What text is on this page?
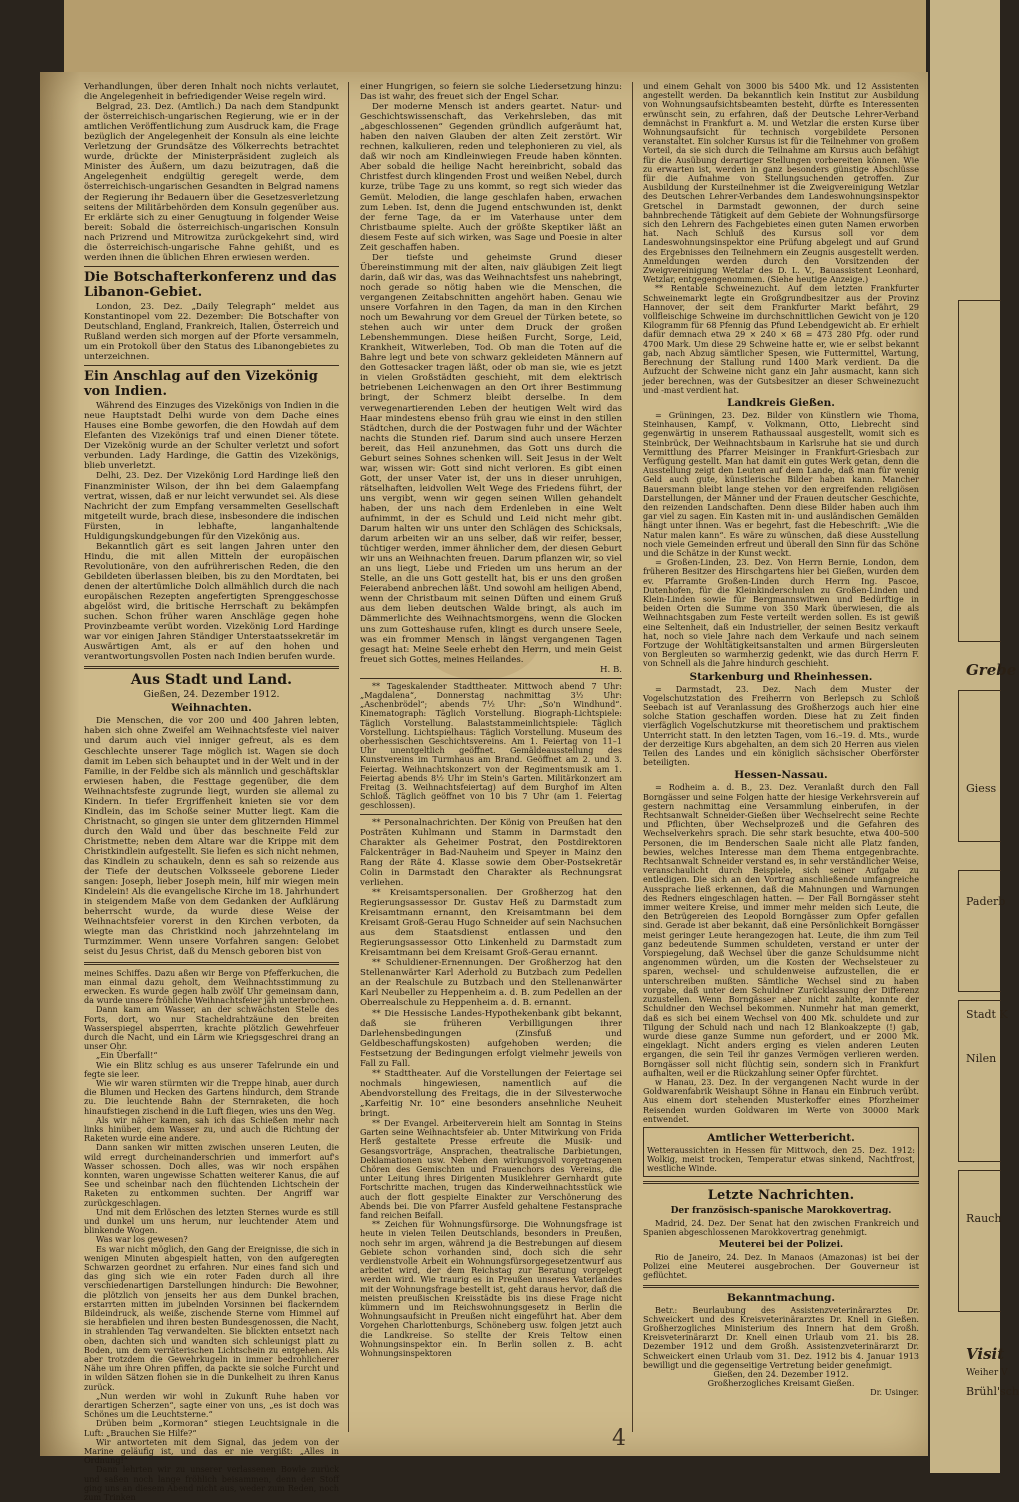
Verhandlungen, über deren Inhalt noch nichts verlautet, die Angelegenheit in befriedigender Weise regeln wird.

Belgrad, 23. Dez. (Amtlich.) Da nach dem Standpunkt der österreichisch-ungarischen Regierung, wie er in der amtlichen Veröffentlichung zum Ausdruck kam, die Frage bezüglich der Angelegenheit der Konsuln als eine leichte Verletzung der Grundsätze des Völkerrechts betrachtet wurde, drückte der Ministerpräsident zugleich als Minister des Äußern, um dazu beizutragen, daß die Angelegenheit endgültig geregelt werde, dem österreichisch-ungarischen Gesandten in Belgrad namens der Regierung ihr Bedauern über die Gesetzesverletzung seitens der Militärbehörden dem Konsuln gegenüber aus. Er erklärte sich zu einer Genugtuung in folgender Weise bereit: Sobald die österreichisch-ungarischen Konsuln nach Prizrend und Mitrowitza zurückgekehrt sind, wird die österreichisch-ungarische Fahne gehißt, und es werden ihnen die üblichen Ehren erwiesen werden.

Die Botschafterkonferenz und das Libanon-Gebiet.

London, 23. Dez. „Daily Telegraph“ meldet aus Konstantinopel vom 22. Dezember: Die Botschafter von Deutschland, England, Frankreich, Italien, Österreich und Rußland werden sich morgen auf der Pforte versammeln, um ein Protokoll über den Status des Libanongebietes zu unterzeichnen.

Ein Anschlag auf den Vizekönig von Indien.

Während des Einzuges des Vizekönigs von Indien in die neue Hauptstadt Delhi wurde von dem Dache eines Hauses eine Bombe geworfen, die den Howdah auf dem Elefanten des Vizekönigs traf und einen Diener tötete. Der Vizekönig wurde an der Schulter verletzt und sofort verbunden. Lady Hardinge, die Gattin des Vizekönigs, blieb unverletzt.

Delhi, 23. Dez. Der Vizekönig Lord Hardinge ließ den Finanzminister Wilson, der ihn bei dem Galaempfang vertrat, wissen, daß er nur leicht verwundet sei. Als diese Nachricht der zum Empfang versammelten Gesellschaft mitgeteilt wurde, brach diese, insbesondere die indischen Fürsten, in lebhafte, langanhaltende Huldigungskundgebungen für den Vizekönig aus.

Bekanntlich gärt es seit langen Jahren unter den Hindu, die mit allen Mitteln der europäischen Revolutionäre, von den aufrührerischen Reden, die den Gebildeten überlassen bleiben, bis zu den Mordtaten, bei denen der altertümliche Dolch allmählich durch die nach europäischen Rezepten angefertigten Sprenggeschosse abgelöst wird, die britische Herrschaft zu bekämpfen suchen. Schon früher waren Anschläge gegen hohe Provinzbeamte verübt worden. Vizekönig Lord Hardinge war vor einigen Jahren Ständiger Unterstaatssekretär im Auswärtigen Amt, als er auf den hohen und verantwortungsvollen Posten nach Indien berufen wurde.

Aus Stadt und Land.
Gießen, 24. Dezember 1912.
Weihnachten.

Die Menschen, die vor 200 und 400 Jahren lebten, haben sich ohne Zweifel am Weihnachtsfeste viel naiver und darum auch viel inniger gefreut, als es dem Geschlechte unserer Tage möglich ist. Wagen sie doch damit im Leben sich behauptet und in der Welt und in der Familie, in der Feldbe sich als männlich und geschäftsklar erwiesen haben, die Festtage gegenüber, die dem Weihnachtsfeste zugrunde liegt, wurden sie allemal zu Kindern. In tiefer Ergriffenheit knieten sie vor dem Kindlein, das im Schoße seiner Mutter liegt. Kam die Christnacht, so gingen sie unter dem glitzernden Himmel durch den Wald und über das beschneite Feld zur Christmette; neben dem Altare war die Krippe mit dem Christkindlein aufgestellt. Sie liefen es sich nicht nehmen, das Kindlein zu schaukeln, denn es sah so reizende aus der Tiefe der deutschen Volksseele geborene Lieder sangen: Joseph, lieber Joseph mein, hilf mir wiegen mein Kindelein! Als die evangelische Kirche im 18. Jahrhundert in steigendem Maße von dem Gedanken der Aufklärung beherrscht wurde, da wurde diese Weise der Weihnachtsfeier vorerst in den Kirchen verboten, da wiegte man das Christkind noch jahrzehntelang im Turmzimmer. Wenn unsere Vorfahren sangen: Gelobet seist du Jesus Christ, daß du Mensch geboren bist von

meines Schiffes. Dazu aßen wir Berge von Pfefferkuchen, die man einmal dazu geholt, dem Weihnachtsstimmung zu erwecken. Es wurde gegen halb zwölf Uhr gemeinsam dann, da wurde unsere fröhliche Weihnachtsfeier jäh unterbrochen.

Dann kam am Wasser, an der schwächsten Stelle des Forts, dort, wo nur Stacheldrahtzäune den breiten Wasserspiegel absperrten, krachte plötzlich Gewehrfeuer durch die Nacht, und ein Lärm wie Kriegsgeschrei drang an unser Ohr.

„Ein Überfall!“

Wie ein Blitz schlug es aus unserer Tafelrunde ein und fegte sie leer.

Wie wir waren stürmten wir die Treppe hinab, auer durch die Blumen und Hecken des Gartens hindurch, dem Strande zu. Die leuchtende Bahn der Sternraketen, die hoch hinaufstiegen zischend in die Luft fliegen, wies uns den Weg.

Als wir näher kamen, sah ich das Schießen mehr nach links hinüber, dem Wasser zu, und auch die Richtung der Raketen wurde eine andere.

Dann sanken wir mitten zwischen unseren Leuten, die wild erregt durcheinanderschrien und immerfort auf's Wasser schossen. Doch alles, was wir noch erspähen konnten, waren ungewisse Schatten weiterer Kanus, die auf See und scheinbar nach den flüchtenden Lichtschein der Raketen zu entkommen suchten. Der Angriff war zurückgeschlagen.

Und mit dem Erlöschen des letzten Sternes wurde es still und dunkel um uns herum, nur leuchtender Atem und blinkende Wogen.

Was war los gewesen?

Es war nicht möglich, den Gang der Ereignisse, die sich in wenigen Minuten abgespielt hatten, von den aufgeregten Schwarzen geordnet zu erfahren. Nur eines fand sich und das ging sich wie ein roter Faden durch all ihre verschiedenartigen Darstellungen hindurch: Die Bewohner, die plötzlich von jenseits her aus dem Dunkel brachen, erstarrten mitten im jubelnden Vorsinnen bei flackerndem Bildeindruck, als weiße, zischende Sterne vom Himmel auf sie herabfielen und ihren besten Bundesgenossen, die Nacht, in strahlenden Tag verwandelten. Sie blickten entsetzt nach oben, dachten sich und wandten sich schleunigst platt zu Boden, um dem verräterischen Lichtschein zu entgehen. Als aber trotzdem die Gewehrkugeln in immer bedrohlicherer Nähe um ihre Ohren pfiffen, da packte sie solche Furcht und in wilden Sätzen flohen sie in die Dunkelheit zu ihren Kanus zurück.

„Nun werden wir wohl in Zukunft Ruhe haben vor derartigen Scherzen“, sagte einer von uns, „es ist doch was Schönes um die Leuchtsterne.“

Drüben beim „Kormoran“ stiegen Leuchtsignale in die Luft: „Brauchen Sie Hilfe?“

Wir antworteten mit dem Signal, das jedem von der Marine geläufig ist, und das er nie vergißt: „Alles in Ordnung!“

Dann lehrten wir zu unserer verlassenen Bowle zurück und saßen noch lange fröhlich beisammen, denn der Stoff ging uns an diesem Abend nicht aus, weder zum Reden, noch zum Trinken

einer Hungrigen, so feiern sie solche Liedersetzung hinzu: Das ist wahr, des freuet sich der Engel Schar.

Der moderne Mensch ist anders geartet. Natur- und Geschichtswissenschaft, das Verkehrsleben, das mit „abgeschlossenen“ Gegenden gründlich aufgeräumt hat, haben den naiven Glauben der alten Zeit zerstört. Wir rechnen, kalkulieren, reden und telephonieren zu viel, als daß wir noch am Kindleinwiegen Freude haben könnten. Aber sobald die heilige Nacht hereinbricht, sobald das Christfest durch klingenden Frost und weißen Nebel, durch kurze, trübe Tage zu uns kommt, so regt sich wieder das Gemüt. Melodien, die lange geschlafen haben, erwachen zum Leben. Ist, denn die Jugend entschwunden ist, denkt der ferne Tage, da er im Vaterhause unter dem Christbaume spielte. Auch der größte Skeptiker läßt an diesem Feste auf sich wirken, was Sage und Poesie in alter Zeit geschaffen haben.

Der tiefste und geheimste Grund dieser Übereinstimmung mit der alten, naiv gläubigen Zeit liegt darin, daß wir das, was das Weihnachtsfest uns nahebringt, noch gerade so nötig haben wie die Menschen, die vergangenen Zeitabschnitten angehört haben. Genau wie unsere Vorfahren in den Tagen, da man in den Kirchen noch um Bewahrung vor dem Greuel der Türken betete, so stehen auch wir unter dem Druck der großen Lebenshemmungen. Diese heißen Furcht, Sorge, Leid, Krankheit, Witwerleben, Tod. Ob man die Toten auf die Bahre legt und bete von schwarz gekleideten Männern auf den Gottesacker tragen läßt, oder ob man sie, wie es jetzt in vielen Großstädten geschieht, mit dem elektrisch betriebenen Leichenwagen an den Ort ihrer Bestimmung bringt, der Schmerz bleibt derselbe. In dem verwegenartierenden Leben der heutigen Welt wird das Haar mindestens ebenso früh grau wie einst in den stillen Städtchen, durch die der Postwagen fuhr und der Wächter nachts die Stunden rief. Darum sind auch unsere Herzen bereit, das Heil anzunehmen, das Gott uns durch die Geburt seines Sohnes schenken will. Seit Jesus in der Welt war, wissen wir: Gott sind nicht verloren. Es gibt einen Gott, der unser Vater ist, der uns in dieser unruhigen, rätselhaften, leidvollen Welt Wege des Friedens führt, der uns vergibt, wenn wir gegen seinen Willen gehandelt haben, der uns nach dem Erdenleben in eine Welt aufnimmt, in der es Schuld und Leid nicht mehr gibt. Darum halten wir uns unter den Schlägen des Schicksals, darum arbeiten wir an uns selber, daß wir reifer, besser, tüchtiger werden, immer ähnlicher dem, der diesen Geburt wir uns an Weihnachten freuen. Darum pflanzen wir, so viel an uns liegt, Liebe und Frieden um uns herum an der Stelle, an die uns Gott gestellt hat, bis er uns den großen Feierabend anbrechen läßt. Und sowohl am heiligen Abend, wenn der Christbaum mit seinen Düften und einem Gruß aus dem lieben deutschen Walde bringt, als auch im Dämmerlichte des Weihnachtsmorgens, wenn die Glocken uns zum Gotteshause rufen, klingt es durch unsere Seele, was ein frommer Mensch in längst vergangenen Tagen gesagt hat: Meine Seele erhebt den Herrn, und mein Geist freuet sich Gottes, meines Heilandes.

H. B.

** Tageskalender Stadttheater. Mittwoch abend 7 Uhr: „Magdalena“, Donnerstag nachmittag 3½ Uhr: „Aschenbrödel“; abends 7½ Uhr: „So'n Windhund“. Kinematograph: Täglich Vorstellung. Biograph-Lichtspiele: Täglich Vorstellung. Balaststammeinlichtspiele: Täglich Vorstellung. Lichtspielhaus: Täglich Vorstellung. Museum des oberhessischen Geschichtsvereins. Am 1. Feiertag von 11–1 Uhr unentgeltlich geöffnet. Gemäldeausstellung des Kunstvereins im Turmhaus am Brand. Geöffnet am 2. und 3. Feiertag. Weihnachtskonzert von der Regimentsmusik am 1. Feiertag abends 8½ Uhr im Stein's Garten. Militärkonzert am Freitag (3. Weihnachtsfeiertag) auf dem Burghof im Alten Schloß. Täglich geöffnet von 10 bis 7 Uhr (am 1. Feiertag geschlossen).

** Personalnachrichten. Der König von Preußen hat den Posträten Kuhlmann und Stamm in Darmstadt den Charakter als Geheimer Postrat, den Postdirektoren Falckenträger in Bad-Nauheim und Speyer in Mainz den Rang der Räte 4. Klasse sowie dem Ober-Postsekretär Colin in Darmstadt den Charakter als Rechnungsrat verliehen.

** Kreisamtspersonalien. Der Großherzog hat den Regierungsassessor Dr. Gustav Heß zu Darmstadt zum Kreisamtmann ernannt, den Kreisamtmann bei dem Kreisamt Groß-Gerau Hugo Schneider auf sein Nachsuchen aus dem Staatsdienst entlassen und den Regierungsassessor Otto Linkenheld zu Darmstadt zum Kreisamtmann bei dem Kreisamt Groß-Gerau ernannt.

** Schuldiener-Ernennungen. Der Großherzog hat den Stellenanwärter Karl Aderhold zu Butzbach zum Pedellen an der Realschule zu Butzbach und den Stellenanwärter Karl Neubeller zu Heppenheim a. d. B. zum Pedellen an der Oberrealschule zu Heppenheim a. d. B. ernannt.

** Die Hessische Landes-Hypothekenbank gibt bekannt, daß sie früheren Verbilligungen ihrer Darlehensbedingungen (Zinsfuß und Geldbeschaffungskosten) aufgehoben werden; die Festsetzung der Bedingungen erfolgt vielmehr jeweils von Fall zu Fall.

** Stadttheater. Auf die Vorstellungen der Feiertage sei nochmals hingewiesen, namentlich auf die Abendvorstellung des Freitags, die in der Silvesterwoche „Karfeitig Nr. 10“ eine besonders ansehnliche Neuheit bringt.

** Der Evangel. Arbeiterverein hielt am Sonntag in Steins Garten seine Weihnachtsfeier ab. Unter Mitwirkung von Frida Herß gestaltete Presse erfreute die Musik- und Gesangsvorträge, Ansprachen, theatralische Darbietungen, Deklamationen usw. Neben den wirkungsvoll vorgetragenen Chören des Gemischten und Frauenchors des Vereins, die unter Leitung ihres Dirigenten Musiklehrer Gernhardt gute Fortschritte machen, trugen das Kinderweihnachtsstück wie auch der flott gespielte Einakter zur Verschönerung des Abends bei. Die von Pfarrer Ausfeld gehaltene Festansprache fand reichen Beifall.

** Zeichen für Wohnungsfürsorge. Die Wohnungsfrage ist heute in vielen Teilen Deutschlands, besonders in Preußen, noch sehr im argen, während ja die Bestrebungen auf diesem Gebiete schon vorhanden sind, doch sich die sehr verdienstvolle Arbeit ein Wohnungsfürsorgegesetzentwurf aus arbeitet wird, der dem Reichstag zur Beratung vorgelegt werden wird. Wie traurig es in Preußen unseres Vaterlandes mit der Wohnungsfrage bestellt ist, geht daraus hervor, daß die meisten preußischen Kreisstädte bis ins diese Frage nicht kümmern und im Reichswohnungsgesetz in Berlin die Wohnungsaufsicht in Preußen nicht eingeführt hat. Aber dem Vorgehen Charlottenburgs, Schöneberg usw. folgen jetzt auch die Landkreise. So stellte der Kreis Teltow einen Wohnungsinspektor ein. In Berlin sollen z. B. acht Wohnungsinspektoren

und einem Gehalt von 3000 bis 5400 Mk. und 12 Assistenten angestellt werden. Da bekanntlich kein Institut zur Ausbildung von Wohnungsaufsichtsbeamten besteht, dürfte es Interessenten erwünscht sein, zu erfahren, daß der Deutsche Lehrer-Verband demnächst in Frankfurt a. M. und Wetzlar die ersten Kurse über Wohnungsaufsicht für technisch vorgebildete Personen veranstaltet. Ein solcher Kursus ist für die Teilnehmer von großem Vorteil, da sie sich durch die Teilnahme am Kursus auch befähigt für die Ausübung derartiger Stellungen vorbereiten können. Wie zu erwarten ist, werden in ganz besonders günstige Abschlüsse für die Aufnahme von Stellungsuchenden getroffen. Zur Ausbildung der Kursteilnehmer ist die Zweigvereinigung Wetzlar des Deutschen Lehrer-Verbandes dem Landeswohnungsinspektor Gretschel in Darmstadt gewonnen, der durch seine bahnbrechende Tätigkeit auf dem Gebiete der Wohnungsfürsorge sich den Lehrern des Fachgebietes einen guten Namen erworben hat. Nach Schluß des Kursus soll vor dem Landeswohnungsinspektor eine Prüfung abgelegt und auf Grund des Ergebnisses den Teilnehmern ein Zeugnis ausgestellt werden. Anmeldungen werden durch den Vorsitzenden der Zweigvereinigung Wetzlar des D. L. V., Bauassistent Leonhard, Wetzlar, entgegengenommen. (Siehe heutige Anzeige.)

** Rentable Schweinezucht. Auf dem letzten Frankfurter Schweinemarkt legte ein Großgrundbesitzer aus der Provinz Hannover, der seit dem Frankfurter Markt befährt, 29 vollfleischige Schweine im durchschnittlichen Gewicht von je 120 Kilogramm für 68 Pfennig das Pfund Lebendgewicht ab. Er erhielt dafür demnach etwa 29 × 240 × 68 = 473 280 Pfg. oder rund 4700 Mark. Um diese 29 Schweine hatte er, wie er selbst bekannt gab, nach Abzug sämtlicher Spesen, wie Futtermittel, Wartung, Berechnung der Stallung rund 1400 Mark verdient. Da die Aufzucht der Schweine nicht ganz ein Jahr ausmacht, kann sich jeder berechnen, was der Gutsbesitzer an dieser Schweinezucht und -mast verdient hat.

Landkreis Gießen.

= Grüningen, 23. Dez. Bilder von Künstlern wie Thoma, Steinhausen, Kampf, v. Volkmann, Otto, Liebrecht sind gegenwärtig in unserem Rathaussaal ausgestellt, womit sich es Steinbrück, Der Weihnachtsbaum in Karlsruhe hat sie und durch Vermittlung des Pfarrer Meisinger in Frankfurt-Griesbach zur Verfügung gestellt. Man hat damit ein gutes Werk getan, denn die Ausstellung zeigt den Leuten auf dem Lande, daß man für wenig Geld auch gute, künstlerische Bilder haben kann. Mancher Bauersmann bleibt lange stehen vor den ergreifenden religiösen Darstellungen, der Männer und der Frauen deutscher Geschichte, den reizenden Landschaften. Denn diese Bilder haben auch ihm gar viel zu sagen. Ein Kasten mit in- und ausländischen Gemälden hängt unter ihnen. Was er begehrt, fast die Hebeschrift: „Wie die Natur malen kann“. Es wäre zu wünschen, daß diese Ausstellung noch viele Gemeinden erfreut und überall den Sinn für das Schöne und die Schätze in der Kunst weckt.

= Großen-Linden, 23. Dez. Von Herrn Bernie, London, dem früheren Besitzer des Hirschgartens hier bei Gießen, wurden dem ev. Pfarramte Großen-Linden durch Herrn Ing. Pascoe, Dutenhofen, für die Kleinkinderschulen zu Großen-Linden und Klein-Linden sowie für Bergmannswitwen und Bedürftige in beiden Orten die Summe von 350 Mark überwiesen, die als Weihnachtsgaben zum Feste verteilt werden sollen. Es ist gewiß eine Seltenheit, daß ein Industrieller, der seinen Besitz verkauft hat, noch so viele Jahre nach dem Verkaufe und nach seinem Fortzuge der Wohltätigkeitsanstalten und armen Bürgersleuten von Bergleuten so warmherzig gedenkt, wie das durch Herrn F. von Schnell als die Jahre hindurch geschieht.

Starkenburg und Rheinhessen.

= Darmstadt, 23. Dez. Nach dem Muster der Vogelschutzstation des Freiherrn von Berlepsch zu Schloß Seebach ist auf Veranlassung des Großherzogs auch hier eine solche Station geschaffen worden. Diese hat zu Zeit finden vierfäglich Vogelschutzkurse mit theoretischem und praktischem Unterricht statt. In den letzten Tagen, vom 16.–19. d. Mts., wurde der derzeitige Kurs abgehalten, an dem sich 20 Herren aus vielen Teilen des Landes und ein königlich sächsischer Oberförster beteiligten.

Hessen-Nassau.

= Rodheim a. d. B., 23. Dez. Veranlaßt durch den Fall Borngässer und seine Folgen hatte der hiesige Verkehrsverein auf gestern nachmittag eine Versammlung einberufen, in der Rechtsanwalt Schneider-Gießen über Wechselrecht seine Rechte und Pflichten, über Wechselprozeß und die Gefahren des Wechselverkehrs sprach. Die sehr stark besuchte, etwa 400–500 Personen, die im Benderschen Saale nicht alle Platz fanden, bewies, welches Interesse man dem Thema entgegenbrachte. Rechtsanwalt Schneider verstand es, in sehr verständlicher Weise, veranschaulicht durch Beispiele, sich seiner Aufgabe zu entledigen. Die sich an den Vortrag anschließende umfangreiche Aussprache ließ erkennen, daß die Mahnungen und Warnungen des Redners eingeschlagen hatten. — Der Fall Borngässer steht immer weitere Kreise, und immer mehr melden sich Leute, die den Betrügereien des Leopold Borngässer zum Opfer gefallen sind. Gerade ist aber bekannt, daß eine Persönlichkeit Borngässer meist geringer Leute herangezogen hat. Leute, die ihm zum Teil ganz bedeutende Summen schuldeten, verstand er unter der Vorspiegelung, daß Wechsel über die ganze Schuldsumme nicht angenommen würden, um die Kosten der Wechselsteuer zu sparen, wechsel- und schuldenweise aufzustellen, die er unterschreiben mußten. Sämtliche Wechsel sind zu haben vorgabe, daß unter dem Schuldner Zurücklassung der Differenz zuzustellen. Wenn Borngässer aber nicht zahlte, konnte der Schuldner den Wechsel bekommen. Nunmehr hat man gemerkt, daß es sich bei einem Wechsel von 400 Mk. schuldete und zur Tilgung der Schuld nach und nach 12 Blankoakzepte (!) gab, wurde diese ganze Summe nun gefordert, und er 2000 Mk. eingeklagt. Nicht anders erging es vielen anderen Leuten ergangen, die sein Teil ihr ganzes Vermögen verlieren werden. Borngässer soll nicht flüchtig sein, sondern sich in Frankfurt aufhalten, weil er die Rückzahlung seiner Opfer fürchtet.

w Hanau, 23. Dez. In der vergangenen Nacht wurde in der Goldwarenfabrik Weishaupt Söhne in Hanau ein Einbruch verübt. Aus einem dort stehenden Musterkoffer eines Pforzheimer Reisenden wurden Goldwaren im Werte von 30000 Mark entwendet.

Amtlicher Wetterbericht.

Wetteraussichten in Hessen für Mittwoch, den 25. Dez. 1912: Wolkig, meist trocken, Temperatur etwas sinkend, Nachtfrost, westliche Winde.

Letzte Nachrichten.
Der französisch-spanische Marokkovertrag.

Madrid, 24. Dez. Der Senat hat den zwischen Frankreich und Spanien abgeschlossenen Marokkovertrag genehmigt.

Meuterei bei der Polizei.

Rio de Janeiro, 24. Dez. In Manaos (Amazonas) ist bei der Polizei eine Meuterei ausgebrochen. Der Gouverneur ist geflüchtet.

Bekanntmachung.

Betr.: Beurlaubung des Assistenzveterinärarztes Dr. Schweickert und des Kreisveterinärarztes Dr. Knell in Gießen. Großherzogliches Ministerium des Innern hat dem Großh. Kreisveterinärarzt Dr. Knell einen Urlaub vom 21. bis 28. Dezember 1912 und dem Großh. Assistenzveterinärarzt Dr. Schweickert einen Urlaub vom 31. Dez. 1912 bis 4. Januar 1913 bewilligt und die gegenseitige Vertretung beider genehmigt.

Gießen, den 24. Dezember 1912.

Großherzogliches Kreisamt Gießen.

Dr. Usinger.

4
Grebe
Giess
Paderb
Stadt K
Nilen
Rauch
Visit
Weiher V
Brühl'sch
